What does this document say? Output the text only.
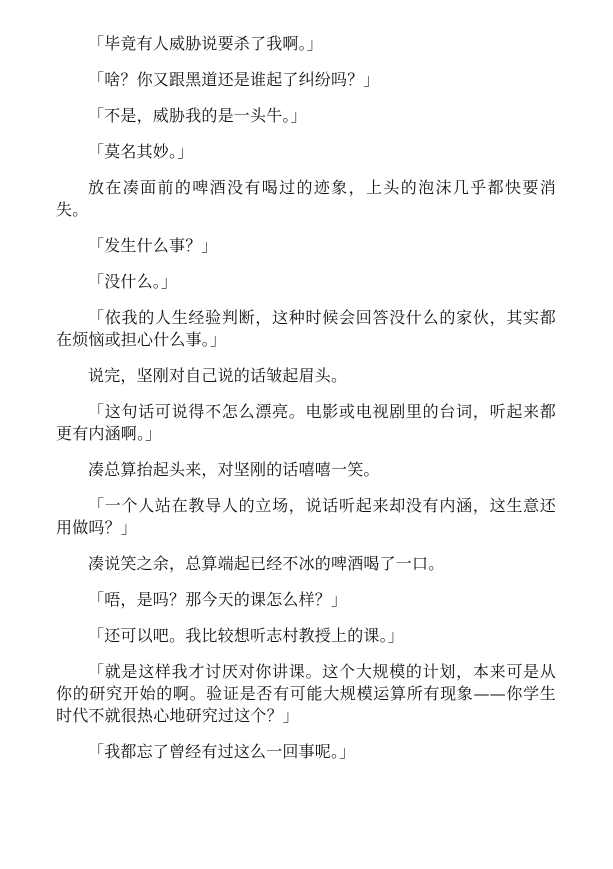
「毕竟有人威胁说要杀了我啊。」

「啥？你又跟黑道还是谁起了纠纷吗？」

「不是，威胁我的是一头牛。」

「莫名其妙。」

放在凑面前的啤酒没有喝过的迹象，上头的泡沫几乎都快要消失。

「发生什么事？」

「没什么。」

「依我的人生经验判断，这种时候会回答没什么的家伙，其实都在烦恼或担心什么事。」

说完，坚刚对自己说的话皱起眉头。

「这句话可说得不怎么漂亮。电影或电视剧里的台词，听起来都更有内涵啊。」

凑总算抬起头来，对坚刚的话嘻嘻一笑。

「一个人站在教导人的立场，说话听起来却没有内涵，这生意还用做吗？」

凑说笑之余，总算端起已经不冰的啤酒喝了一口。

「唔，是吗？那今天的课怎么样？」

「还可以吧。我比较想听志村教授上的课。」

「就是这样我才讨厌对你讲课。这个大规模的计划，本来可是从你的研究开始的啊。验证是否有可能大规模运算所有现象——你学生时代不就很热心地研究过这个？」

「我都忘了曾经有过这么一回事呢。」
